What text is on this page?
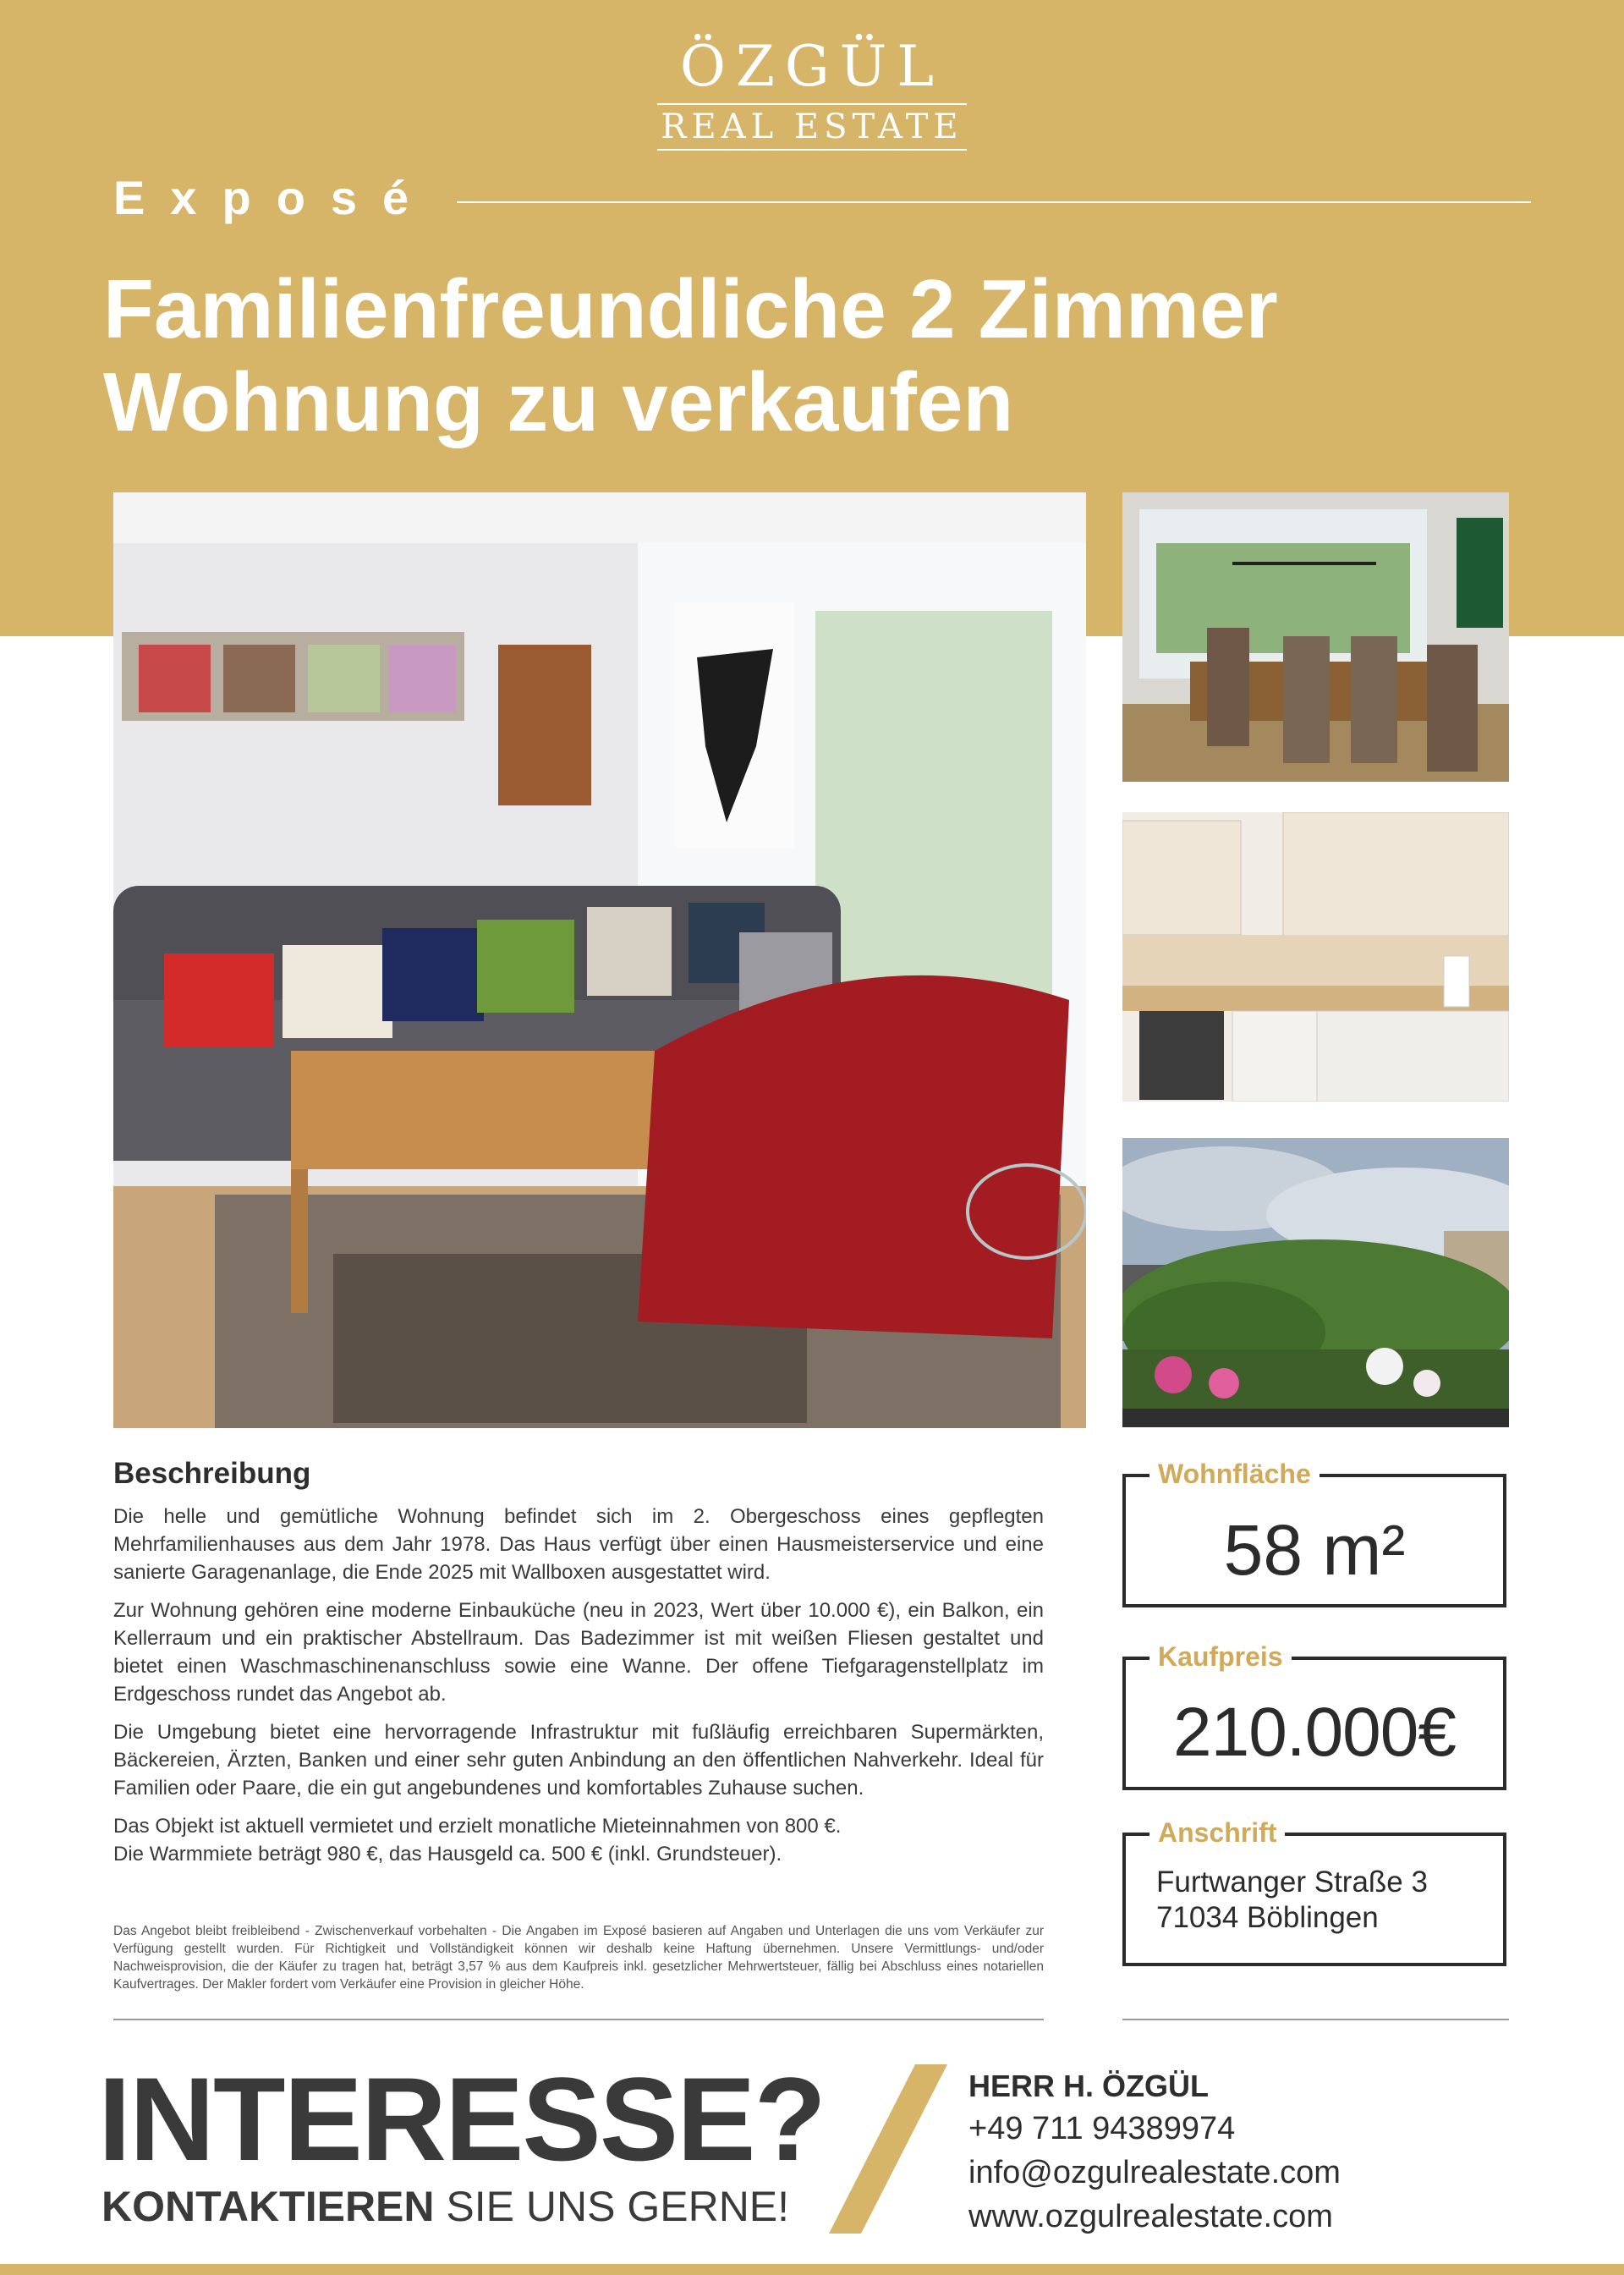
ÖZGÜL
REAL ESTATE
Exposé
Familienfreundliche 2 Zimmer
Wohnung zu verkaufen
Beschreibung

Die helle und gemütliche Wohnung befindet sich im 2. Obergeschoss eines gepflegten Mehrfamilienhauses aus dem Jahr 1978. Das Haus verfügt über einen Hausmeisterservice und eine sanierte Garagenanlage, die Ende 2025 mit Wallboxen ausgestattet wird.

Zur Wohnung gehören eine moderne Einbauküche (neu in 2023, Wert über 10.000 €), ein Balkon, ein Kellerraum und ein praktischer Abstellraum. Das Badezimmer ist mit weißen Fliesen gestaltet und bietet einen Waschmaschinenanschluss sowie eine Wanne. Der offene Tiefgaragenstellplatz im Erdgeschoss rundet das Angebot ab.

Die Umgebung bietet eine hervorragende Infrastruktur mit fußläufig erreichbaren Supermärkten, Bäckereien, Ärzten, Banken und einer sehr guten Anbindung an den öffentlichen Nahverkehr. Ideal für Familien oder Paare, die ein gut angebundenes und komfortables Zuhause suchen.

Das Objekt ist aktuell vermietet und erzielt monatliche Mieteinnahmen von 800 €.

Die Warmmiete beträgt 980 €, das Hausgeld ca. 500 € (inkl. Grundsteuer).

Das Angebot bleibt freibleibend - Zwischenverkauf vorbehalten - Die Angaben im Exposé basieren auf Angaben und Unterlagen die uns vom Verkäufer zur Verfügung gestellt wurden. Für Richtigkeit und Vollständigkeit können wir deshalb keine Haftung übernehmen. Unsere Vermittlungs- und/oder Nachweisprovision, die der Käufer zu tragen hat, beträgt 3,57 % aus dem Kaufpreis inkl. gesetzlicher Mehrwertsteuer, fällig bei Abschluss eines notariellen Kaufvertrages. Der Makler fordert vom Verkäufer eine Provision in gleicher Höhe.
Wohnfläche
58 m²
Kaufpreis
210.000€
Anschrift
Furtwanger Straße 3
71034 Böblingen
INTERESSE?
KONTAKTIEREN SIE UNS GERNE!
HERR H. ÖZGÜL
+49 711 94389974
info@ozgulrealestate.com
www.ozgulrealestate.com
